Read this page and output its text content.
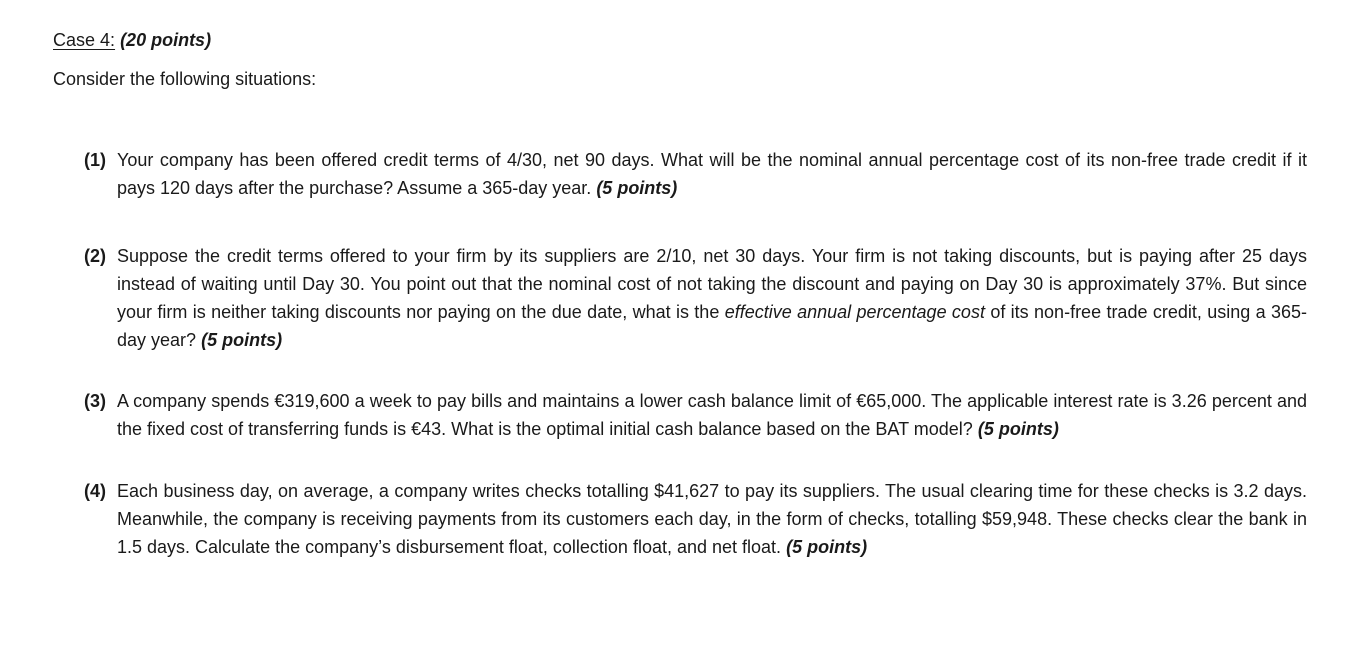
Case 4: (20 points)
Consider the following situations:
(1) Your company has been offered credit terms of 4/30, net 90 days. What will be the nominal annual percentage cost of its non-free trade credit if it pays 120 days after the purchase? Assume a 365-day year. (5 points)
(2) Suppose the credit terms offered to your firm by its suppliers are 2/10, net 30 days. Your firm is not taking discounts, but is paying after 25 days instead of waiting until Day 30. You point out that the nominal cost of not taking the discount and paying on Day 30 is approximately 37%. But since your firm is neither taking discounts nor paying on the due date, what is the effective annual percentage cost of its non-free trade credit, using a 365-day year? (5 points)
(3) A company spends €319,600 a week to pay bills and maintains a lower cash balance limit of €65,000. The applicable interest rate is 3.26 percent and the fixed cost of transferring funds is €43. What is the optimal initial cash balance based on the BAT model? (5 points)
(4) Each business day, on average, a company writes checks totalling $41,627 to pay its suppliers. The usual clearing time for these checks is 3.2 days. Meanwhile, the company is receiving payments from its customers each day, in the form of checks, totalling $59,948. These checks clear the bank in 1.5 days. Calculate the company’s disbursement float, collection float, and net float. (5 points)
